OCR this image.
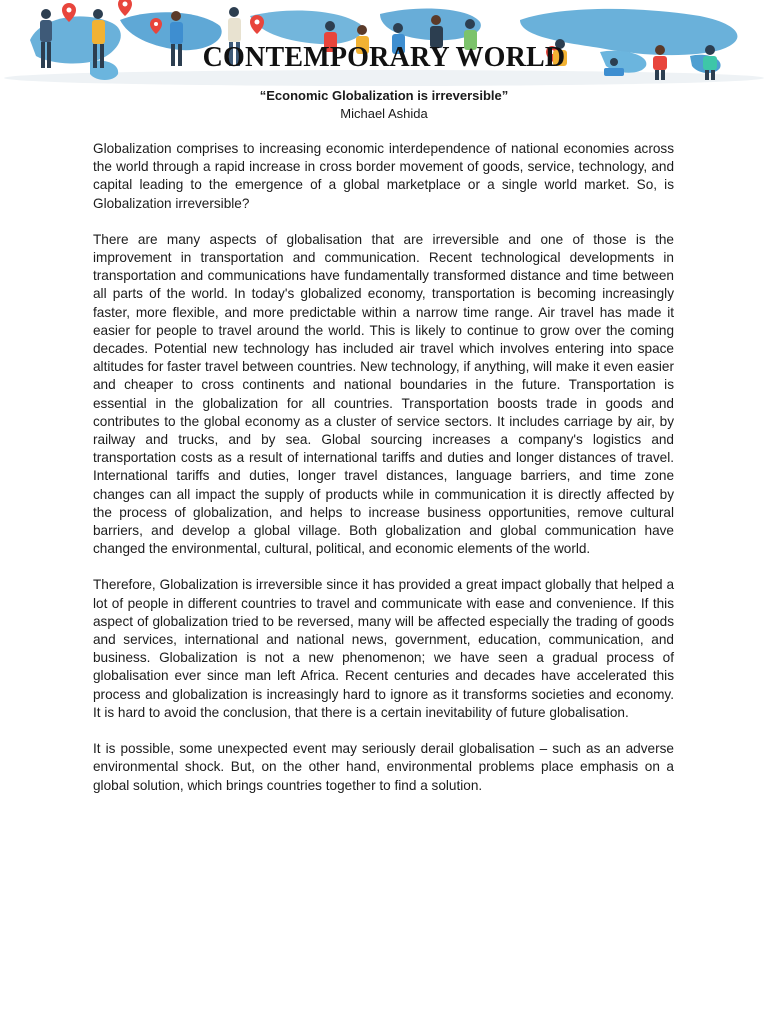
CONTEMPORARY WORLD

“Economic Globalization is irreversible”

Michael Ashida

Globalization comprises to increasing economic interdependence of national economies across the world through a rapid increase in cross border movement of goods, service, technology, and capital leading to the emergence of a global marketplace or a single world market. So, is Globalization irreversible?

There are many aspects of globalisation that are irreversible and one of those is the improvement in transportation and communication. Recent technological developments in transportation and communications have fundamentally transformed distance and time between all parts of the world. In today's globalized economy, transportation is becoming increasingly faster, more flexible, and more predictable within a narrow time range. Air travel has made it easier for people to travel around the world. This is likely to continue to grow over the coming decades. Potential new technology has included air travel which involves entering into space altitudes for faster travel between countries. New technology, if anything, will make it even easier and cheaper to cross continents and national boundaries in the future. Transportation is essential in the globalization for all countries. Transportation boosts trade in goods and contributes to the global economy as a cluster of service sectors. It includes carriage by air, by railway and trucks, and by sea. Global sourcing increases a company's logistics and transportation costs as a result of international tariffs and duties and longer distances of travel. International tariffs and duties, longer travel distances, language barriers, and time zone changes can all impact the supply of products while in communication it is directly affected by the process of globalization, and helps to increase business opportunities, remove cultural barriers, and develop a global village. Both globalization and global communication have changed the environmental, cultural, political, and economic elements of the world.

Therefore, Globalization is irreversible since it has provided a great impact globally that helped a lot of people in different countries to travel and communicate with ease and convenience. If this aspect of globalization tried to be reversed, many will be affected especially the trading of goods and services, international and national news, government, education, communication, and business. Globalization is not a new phenomenon; we have seen a gradual process of globalisation ever since man left Africa. Recent centuries and decades have accelerated this process and globalization is increasingly hard to ignore as it transforms societies and economy. It is hard to avoid the conclusion, that there is a certain inevitability of future globalisation.

It is possible, some unexpected event may seriously derail globalisation – such as an adverse environmental shock. But, on the other hand, environmental problems place emphasis on a global solution, which brings countries together to find a solution.
